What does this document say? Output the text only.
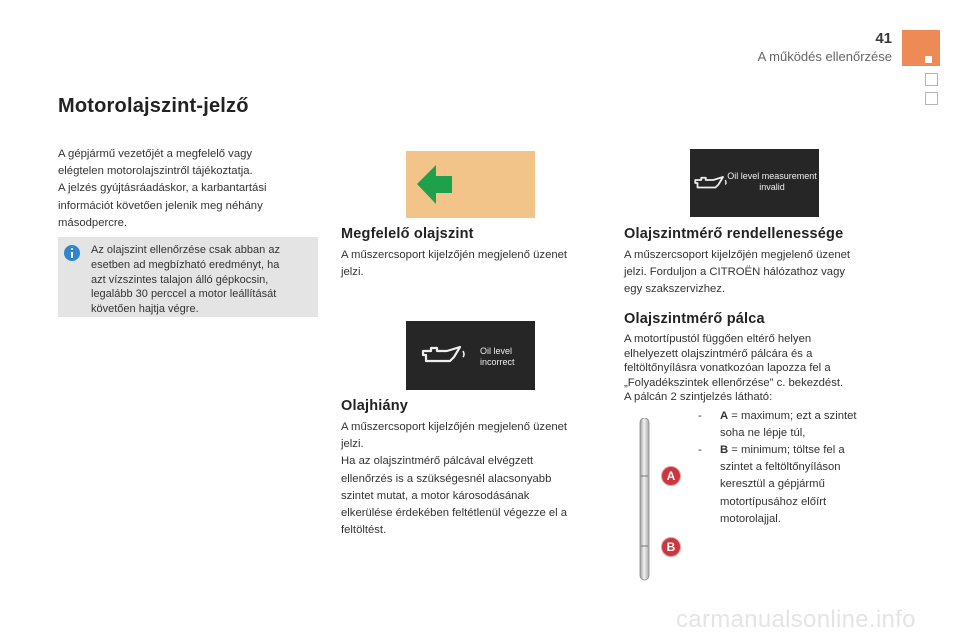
41
A működés ellenőrzése
Motorolajszint-jelző
A gépjármű vezetőjét a megfelelő vagy
elégtelen motorolajszintről tájékoztatja.
A jelzés gyújtásráadáskor, a karbantartási
információt követően jelenik meg néhány
másodpercre.
Az olajszint ellenőrzése csak abban az
esetben ad megbízható eredményt, ha
azt vízszintes talajon álló gépkocsin,
legalább 30 perccel a motor leállítását
követően hajtja végre.
Megfelelő olajszint
A műszercsoport kijelzőjén megjelenő üzenet
jelzi.
Oil level
incorrect
Olajhiány
A műszercsoport kijelzőjén megjelenő üzenet
jelzi.
Ha az olajszintmérő pálcával elvégzett
ellenőrzés is a szükségesnél alacsonyabb
szintet mutat, a motor károsodásának
elkerülése érdekében feltétlenül végezze el a
feltöltést.
Oil level measurement
invalid
Olajszintmérő rendellenessége
A műszercsoport kijelzőjén megjelenő üzenet
jelzi. Forduljon a CITROËN hálózathoz vagy
egy szakszervizhez.
Olajszintmérő pálca
A motortípustól függően eltérő helyen
elhelyezett olajszintmérő pálcára és a
feltöltőnyílásra vonatkozóan lapozza fel a
„Folyadékszintek ellenőrzése” c. bekezdést.
A pálcán 2 szintjelzés látható:
- A = maximum; ezt a szintet
soha ne lépje túl,
- B = minimum; töltse fel a
szintet a feltöltőnyíláson
keresztül a gépjármű
motortípusához előírt
motorolajjal.
A
B
carmanualsonline.info
